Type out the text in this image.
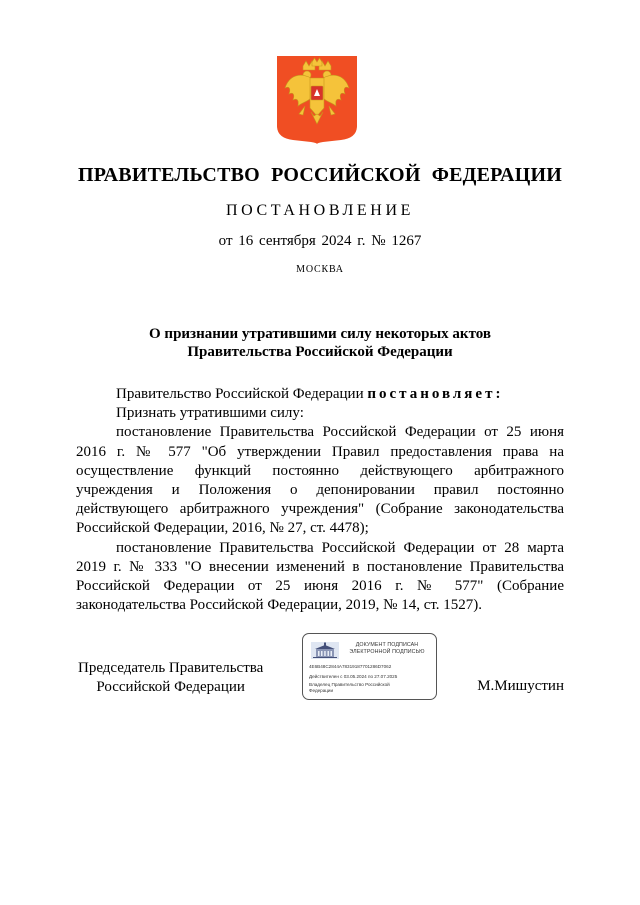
ПРАВИТЕЛЬСТВО РОССИЙСКОЙ ФЕДЕРАЦИИ
ПОСТАНОВЛЕНИЕ
от 16 сентября 2024 г. № 1267
МОСКВА
О признании утратившими силу некоторых актов
Правительства Российской Федерации

Правительство Российской Федерации постановляет:

Признать утратившими силу:

постановление Правительства Российской Федерации от 25 июня 2016 г. № 577 "Об утверждении Правил предоставления права на осуществление функций постоянно действующего арбитражного учреждения и Положения о депонировании правил постоянно действующего арбитражного учреждения" (Собрание законодательства Российской Федерации, 2016, № 27, ст. 4478);

постановление Правительства Российской Федерации от 28 марта 2019 г. № 333 "О внесении изменений в постановление Правительства Российской Федерации от 25 июня 2016 г. № 577" (Собрание законодательства Российской Федерации, 2019, № 14, ст. 1527).

Председатель Правительства
Российской Федерации
ДОКУМЕНТ ПОДПИСАН
ЭЛЕКТРОННОЙ ПОДПИСЬЮ
4E6B48C2844A78319187701286D7062
Действителен с 03.05.2024 по 27.07.2025
Владелец Правительство Российской
Федерации	М.Мишустин
